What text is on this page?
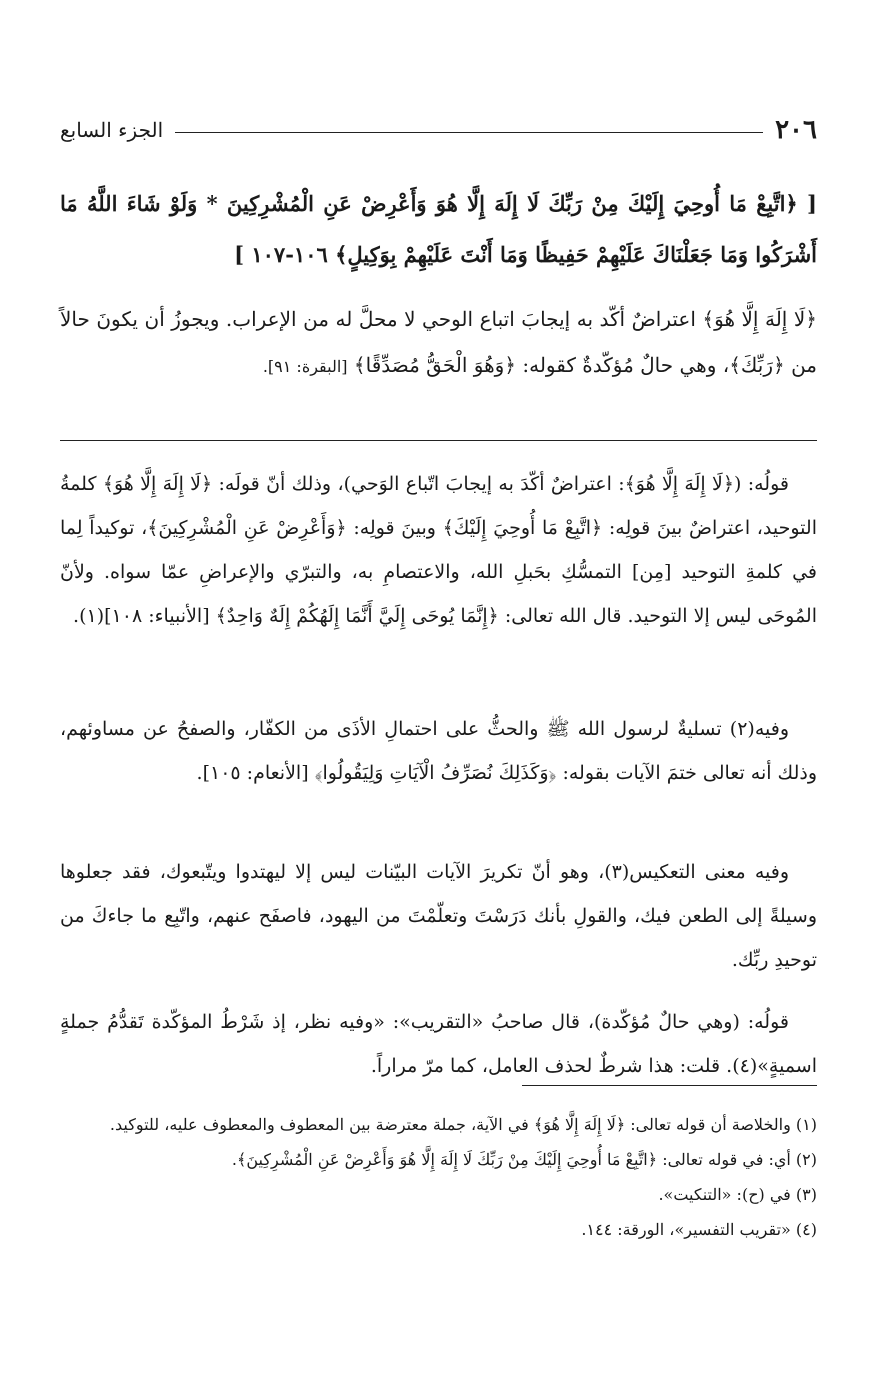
٢٠٦
الجزء السابع
[ ﴿اتَّبِعْ مَا أُوحِيَ إِلَيْكَ مِنْ رَبِّكَ لَا إِلَهَ إِلَّا هُوَ وَأَعْرِضْ عَنِ الْمُشْرِكِينَ * وَلَوْ شَاءَ اللَّهُ مَا أَشْرَكُوا وَمَا جَعَلْنَاكَ عَلَيْهِمْ حَفِيظًا وَمَا أَنْتَ عَلَيْهِمْ بِوَكِيلٍ﴾ ١٠٦-١٠٧ ]
﴿لَا إِلَهَ إِلَّا هُوَ﴾ اعتراضٌ أكّد به إيجابَ اتباع الوحي لا محلَّ له من الإعراب. ويجوزُ أن يكونَ حالاً من ﴿رَبِّكَ﴾، وهي حالٌ مُؤكّدةٌ كقوله: ﴿وَهُوَ الْحَقُّ مُصَدِّقًا﴾ [البقرة: ٩١].

قولُه: (﴿لَا إِلَهَ إِلَّا هُوَ﴾: اعتراضٌ أكّدَ به إيجابَ اتّباع الوَحي)، وذلك أنّ قولَه: ﴿لَا إِلَهَ إِلَّا هُوَ﴾ كلمةُ التوحيد، اعتراضٌ بينَ قولِه: ﴿اتَّبِعْ مَا أُوحِيَ إِلَيْكَ﴾ وبينَ قولِه: ﴿وَأَعْرِضْ عَنِ الْمُشْرِكِينَ﴾، توكيداً لِما في كلمةِ التوحيد [مِن] التمسُّكِ بحَبلِ الله، والاعتصامِ به، والتبرّي والإعراضِ عمّا سواه. ولأنّ المُوحَى ليس إلا التوحيد. قال الله تعالى: ﴿إِنَّمَا يُوحَى إِلَيَّ أَنَّمَا إِلَهُكُمْ إِلَهٌ وَاحِدٌ﴾ [الأنبياء: ١٠٨](١).

وفيه(٢) تسليةٌ لرسول الله ﷺ والحثُّ على احتمالِ الأذَى من الكفّار، والصفحُ عن مساوئهم، وذلك أنه تعالى ختمَ الآيات بقوله: ﴿وَكَذَلِكَ نُصَرِّفُ الْآيَاتِ وَلِيَقُولُوا﴾ [الأنعام: ١٠٥].

وفيه معنى التعكيس(٣)، وهو أنّ تكريرَ الآيات البيّنات ليس إلا ليهتدوا ويتّبعوك، فقد جعلوها وسيلةً إلى الطعن فيك، والقولِ بأنك دَرَسْتَ وتعلّمْتَ من اليهود، فاصفَح عنهم، واتّبِع ما جاءكَ من توحيدِ ربِّك.

قولُه: (وهي حالٌ مُؤكّدة)، قال صاحبُ «التقريب»: «وفيه نظر، إذ شَرْطُ المؤكّدة تَقدُّمُ جملةٍ اسميةٍ»(٤). قلت: هذا شرطٌ لحذف العامل، كما مرّ مراراً.

(١) والخلاصة أن قوله تعالى: ﴿لَا إِلَهَ إِلَّا هُوَ﴾ في الآية، جملة معترضة بين المعطوف والمعطوف عليه، للتوكيد.
(٢) أي: في قوله تعالى: ﴿اتَّبِعْ مَا أُوحِيَ إِلَيْكَ مِنْ رَبِّكَ لَا إِلَهَ إِلَّا هُوَ وَأَعْرِضْ عَنِ الْمُشْرِكِينَ﴾.
(٣) في (ح): «التنكيت».
(٤) «تقريب التفسير»، الورقة: ١٤٤.
